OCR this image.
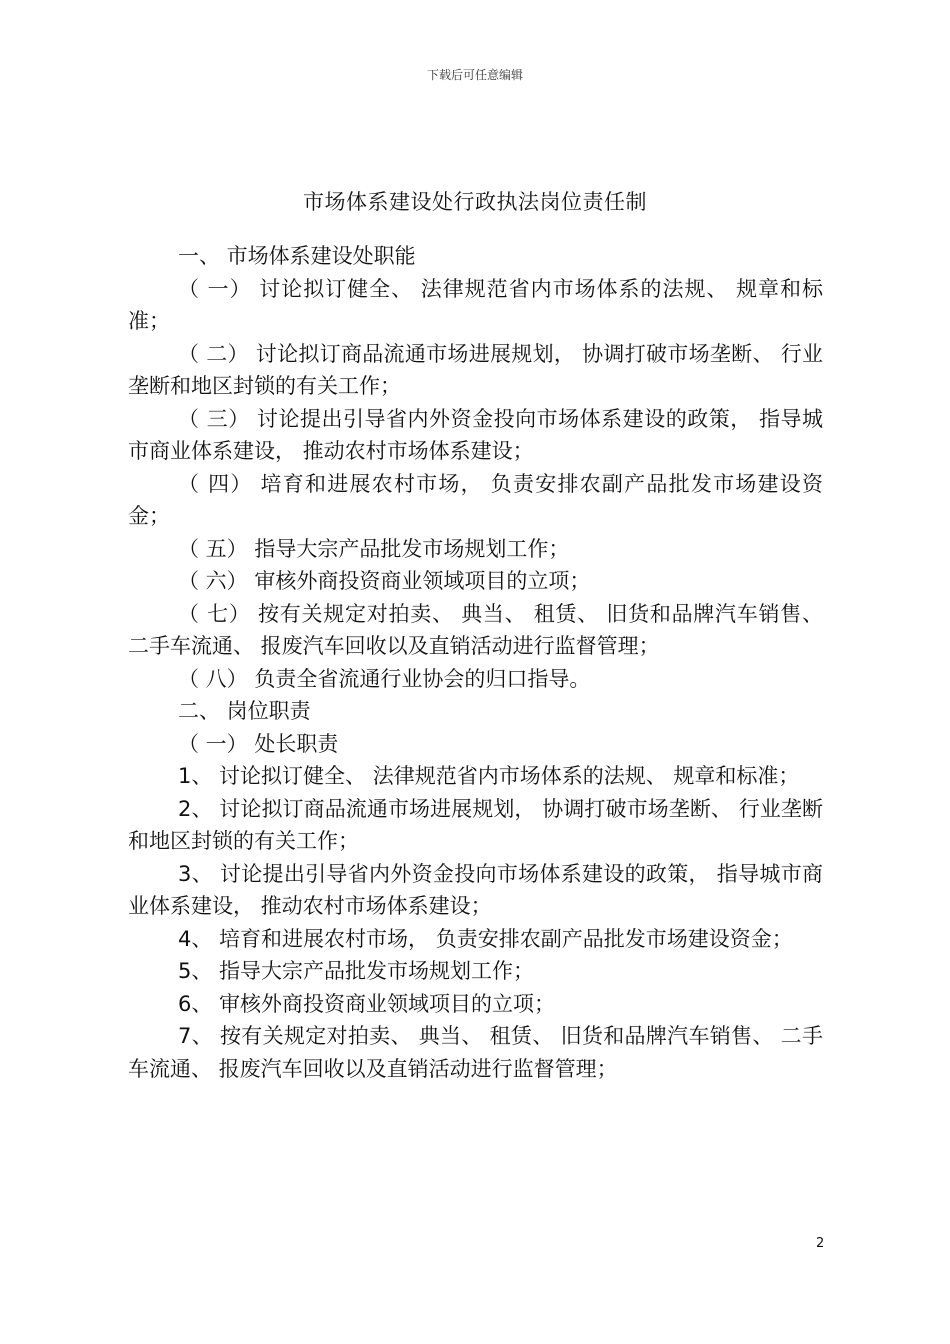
下载后可任意编辑
市场体系建设处行政执法岗位责任制

一、 市场体系建设处职能

（ 一） 讨论拟订健全、 法律规范省内市场体系的法规、 规章和标准；

（ 二） 讨论拟订商品流通市场进展规划， 协调打破市场垄断、 行业垄断和地区封锁的有关工作；

（ 三） 讨论提出引导省内外资金投向市场体系建设的政策， 指导城市商业体系建设， 推动农村市场体系建设；

（ 四） 培育和进展农村市场， 负责安排农副产品批发市场建设资金；

（ 五） 指导大宗产品批发市场规划工作；

（ 六） 审核外商投资商业领域项目的立项；

（ 七） 按有关规定对拍卖、 典当、 租赁、 旧货和品牌汽车销售、 二手车流通、 报废汽车回收以及直销活动进行监督管理；

（ 八） 负责全省流通行业协会的归口指导。

二、 岗位职责

（ 一） 处长职责

1、 讨论拟订健全、 法律规范省内市场体系的法规、 规章和标准；

2、 讨论拟订商品流通市场进展规划， 协调打破市场垄断、 行业垄断和地区封锁的有关工作；

3、 讨论提出引导省内外资金投向市场体系建设的政策， 指导城市商业体系建设， 推动农村市场体系建设；

4、 培育和进展农村市场， 负责安排农副产品批发市场建设资金；

5、 指导大宗产品批发市场规划工作；

6、 审核外商投资商业领域项目的立项；

7、 按有关规定对拍卖、 典当、 租赁、 旧货和品牌汽车销售、 二手车流通、 报废汽车回收以及直销活动进行监督管理；

2
